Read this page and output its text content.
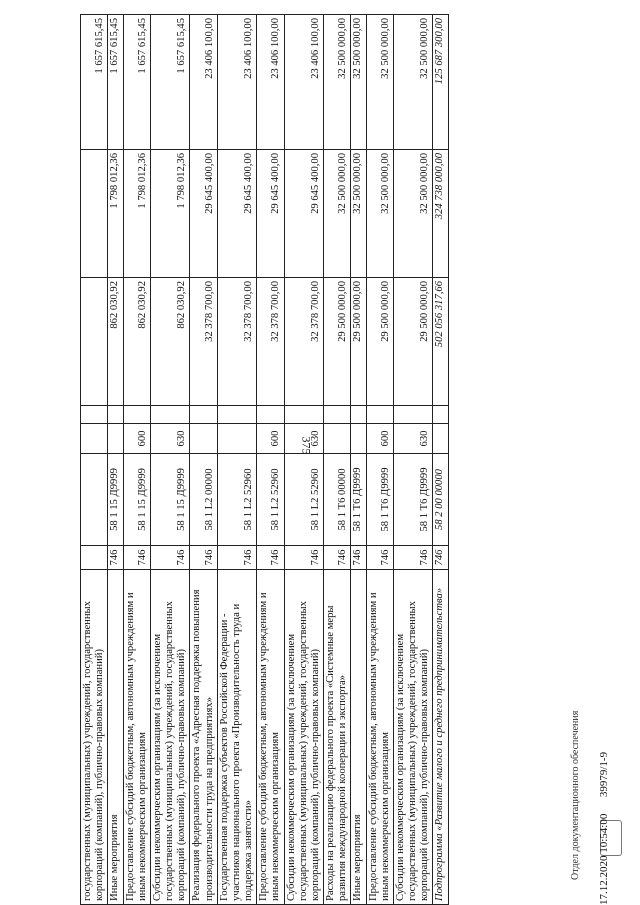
375
государственных (муниципальных) учреждений, государственных корпораций (компаний), публично-правовых компаний)							1 657 615,45
Иные мероприятия	746	58 1 15 Д9999			862 030,92	1 798 012,36	1 657 615,45
Предоставление субсидий бюджетным, автономным учреждениям и иным некоммерческим организациям	746	58 1 15 Д9999	600		862 030,92	1 798 012,36	1 657 615,45
Субсидии некоммерческим организациям (за исключением государственных (муниципальных) учреждений, государственных корпораций (компаний), публично-правовых компаний)	746	58 1 15 Д9999	630		862 030,92	1 798 012,36	1 657 615,45
Реализация федерального проекта «Адресная поддержка повышения производительности труда на предприятиях»	746	58 1 L2 00000			32 378 700,00	29 645 400,00	23 406 100,00
Государственная поддержка субъектов Российской Федерации - участников национального проекта «Производительность труда и поддержка занятости»	746	58 1 L2 52960			32 378 700,00	29 645 400,00	23 406 100,00
Предоставление субсидий бюджетным, автономным учреждениям и иным некоммерческим организациям	746	58 1 L2 52960	600		32 378 700,00	29 645 400,00	23 406 100,00
Субсидии некоммерческим организациям (за исключением государственных (муниципальных) учреждений, государственных корпораций (компаний), публично-правовых компаний)	746	58 1 L2 52960	630		32 378 700,00	29 645 400,00	23 406 100,00
Расходы на реализацию федерального проекта «Системные меры развития международной кооперации и экспорта»	746	58 1 Т6 00000			29 500 000,00	32 500 000,00	32 500 000,00
Иные мероприятия	746	58 1 Т6 Д9999			29 500 000,00	32 500 000,00	32 500 000,00
Предоставление субсидий бюджетным, автономным учреждениям и иным некоммерческим организациям	746	58 1 Т6 Д9999	600		29 500 000,00	32 500 000,00	32 500 000,00
Субсидии некоммерческим организациям (за исключением государственных (муниципальных) учреждений, государственных корпораций (компаний), публично-правовых компаний)	746	58 1 Т6 Д9999	630		29 500 000,00	32 500 000,00	32 500 000,00
Подпрограмма «Развитие малого и среднего предпринимательства»	746	58 2 00 00000			502 056 317,66	324 738 000,00	125 687 300,00
Отдел документационного обеспечения 17.12.2020 10:54:00      39979/1-9
